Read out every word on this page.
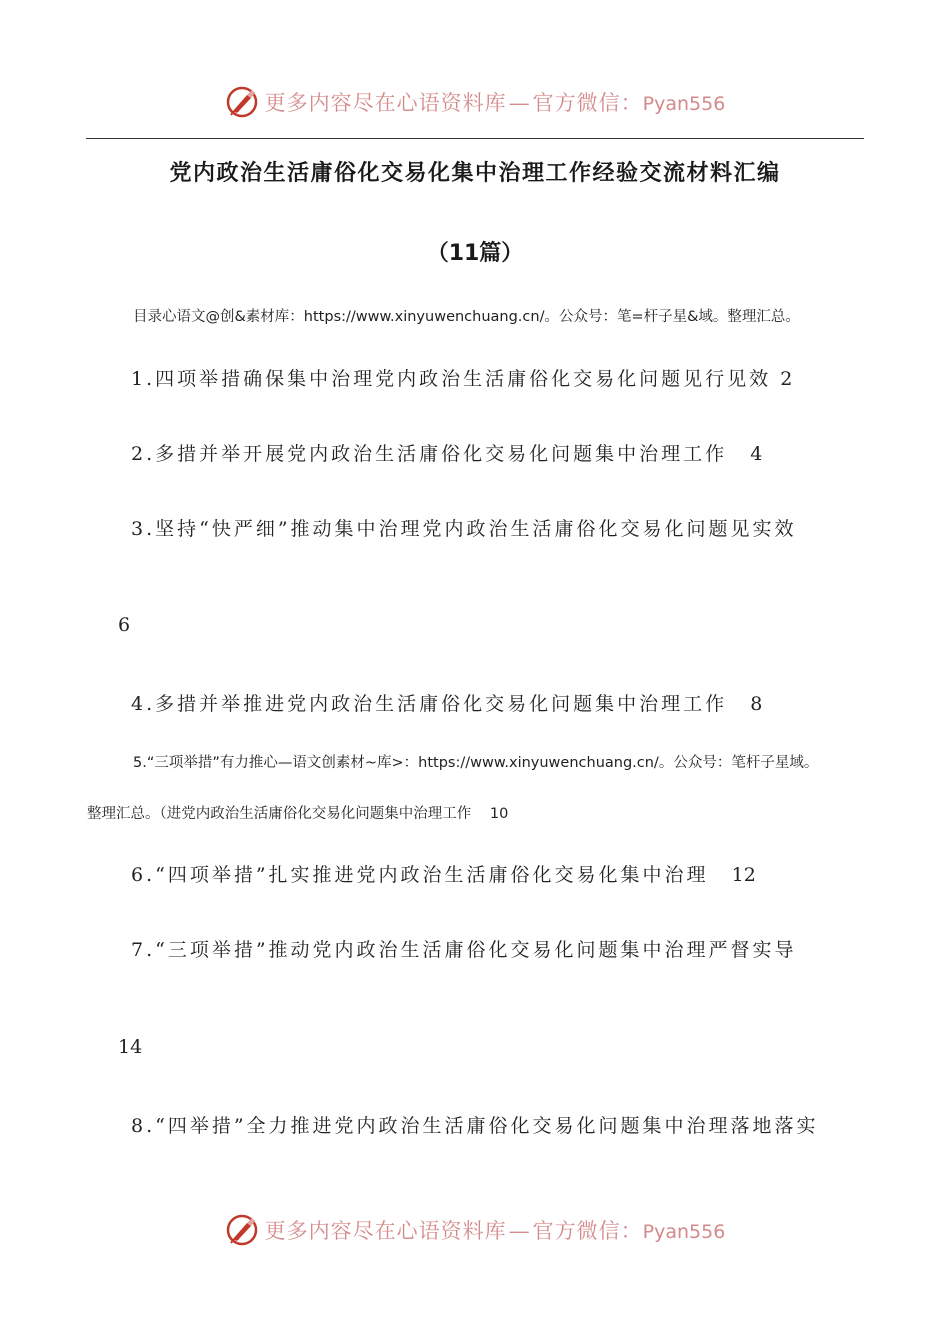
更多内容尽在心语资料库—官方微信：Pyan556
党内政治生活庸俗化交易化集中治理工作经验交流材料汇编
（11篇）
目录心语文@创&素材库：https://www.xinyuwenchuang.cn/。公众号：笔=杆子星&域。整理汇总。
1.四项举措确保集中治理党内政治生活庸俗化交易化问题见行见效 2
2.多措并举开展党内政治生活庸俗化交易化问题集中治理工作 4
3.坚持“快严细”推动集中治理党内政治生活庸俗化交易化问题见实效
6
4.多措并举推进党内政治生活庸俗化交易化问题集中治理工作 8
5.“三项举措”有力推心—语文创素材~库>：https://www.xinyuwenchuang.cn/。公众号：笔杆子星域。
整理汇总。（进党内政治生活庸俗化交易化问题集中治理工作 10
6.“四项举措”扎实推进党内政治生活庸俗化交易化集中治理 12
7.“三项举措”推动党内政治生活庸俗化交易化问题集中治理严督实导
14
8.“四举措”全力推进党内政治生活庸俗化交易化问题集中治理落地落实
更多内容尽在心语资料库—官方微信：Pyan556
